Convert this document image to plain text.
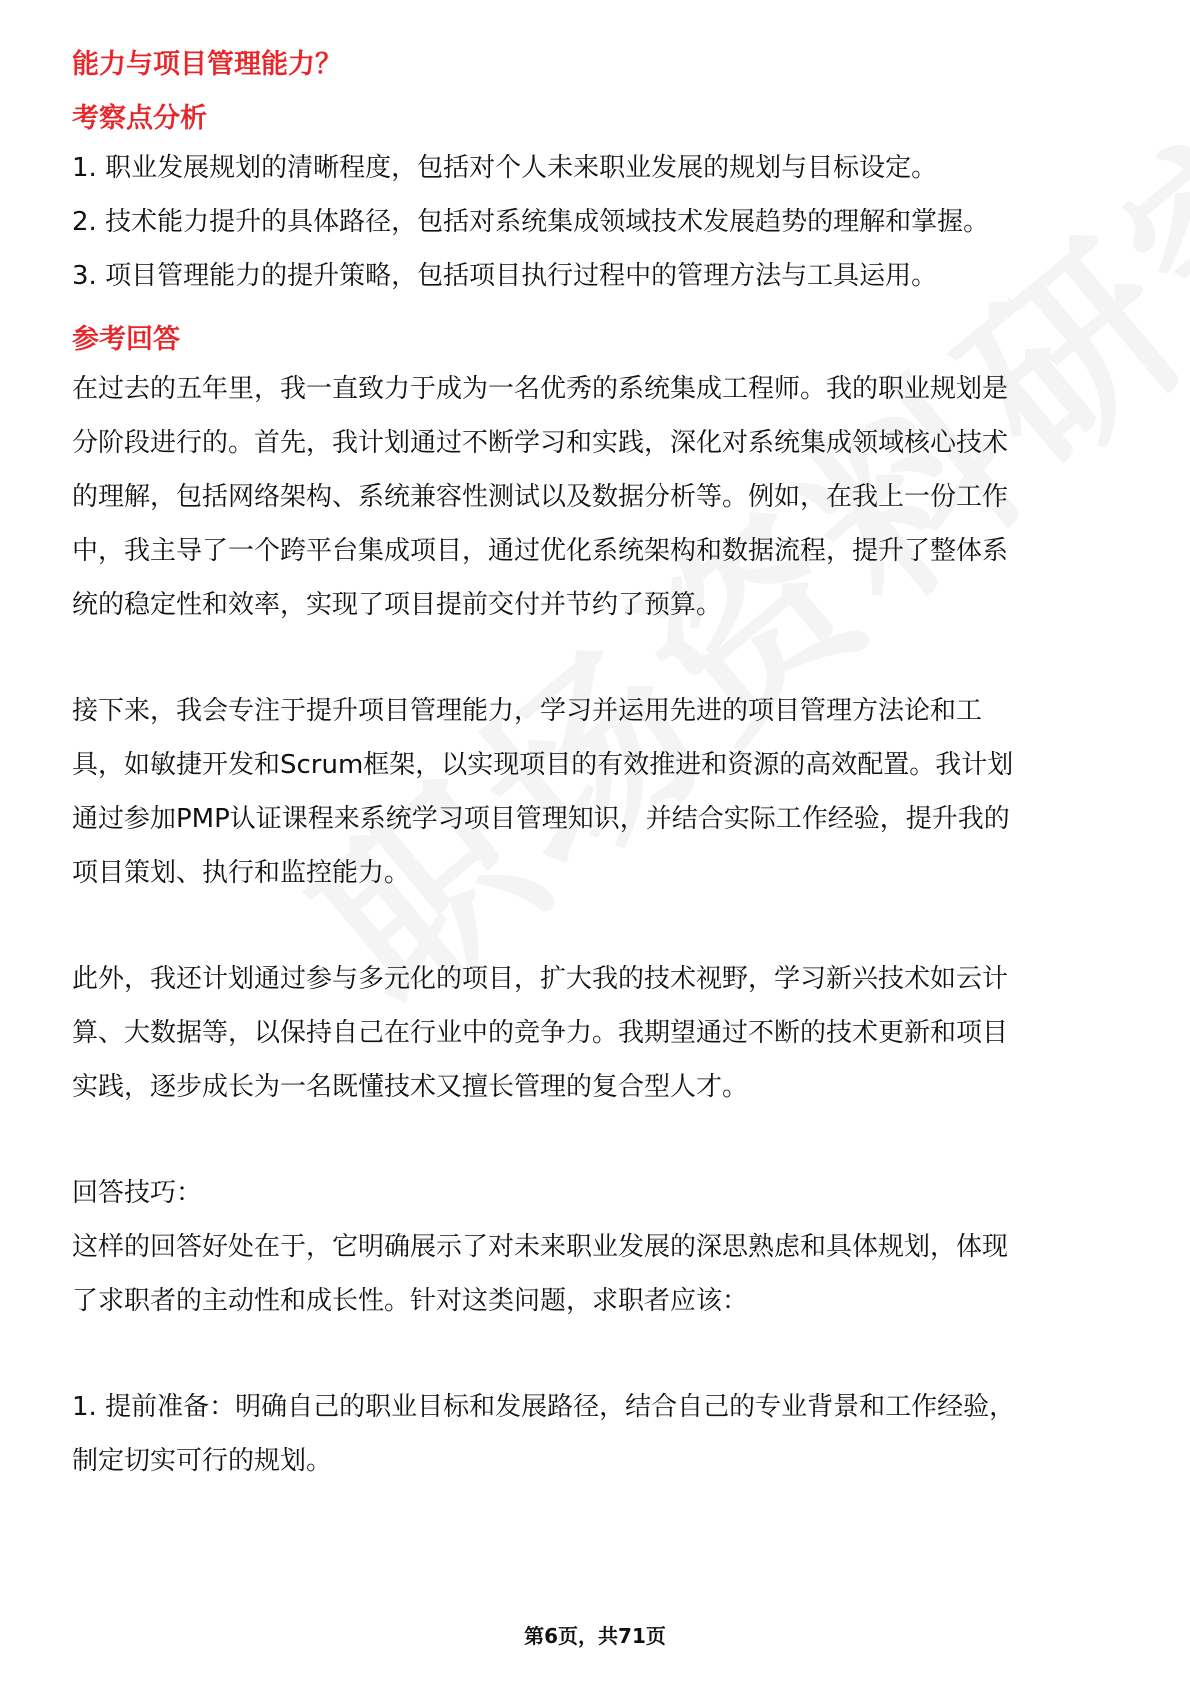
能力与项目管理能力？
考察点分析
1. 职业发展规划的清晰程度，包括对个人未来职业发展的规划与目标设定。
2. 技术能力提升的具体路径，包括对系统集成领域技术发展趋势的理解和掌握。
3. 项目管理能力的提升策略，包括项目执行过程中的管理方法与工具运用。
参考回答
在过去的五年里，我一直致力于成为一名优秀的系统集成工程师。我的职业规划是
分阶段进行的。首先，我计划通过不断学习和实践，深化对系统集成领域核心技术
的理解，包括网络架构、系统兼容性测试以及数据分析等。例如，在我上一份工作
中，我主导了一个跨平台集成项目，通过优化系统架构和数据流程，提升了整体系
统的稳定性和效率，实现了项目提前交付并节约了预算。
接下来，我会专注于提升项目管理能力，学习并运用先进的项目管理方法论和工
具，如敏捷开发和Scrum框架，以实现项目的有效推进和资源的高效配置。我计划
通过参加PMP认证课程来系统学习项目管理知识，并结合实际工作经验，提升我的
项目策划、执行和监控能力。
此外，我还计划通过参与多元化的项目，扩大我的技术视野，学习新兴技术如云计
算、大数据等，以保持自己在行业中的竞争力。我期望通过不断的技术更新和项目
实践，逐步成长为一名既懂技术又擅长管理的复合型人才。
回答技巧：
这样的回答好处在于，它明确展示了对未来职业发展的深思熟虑和具体规划，体现
了求职者的主动性和成长性。针对这类问题，求职者应该：
1. 提前准备：明确自己的职业目标和发展路径，结合自己的专业背景和工作经验，
制定切实可行的规划。
第6页，共71页
